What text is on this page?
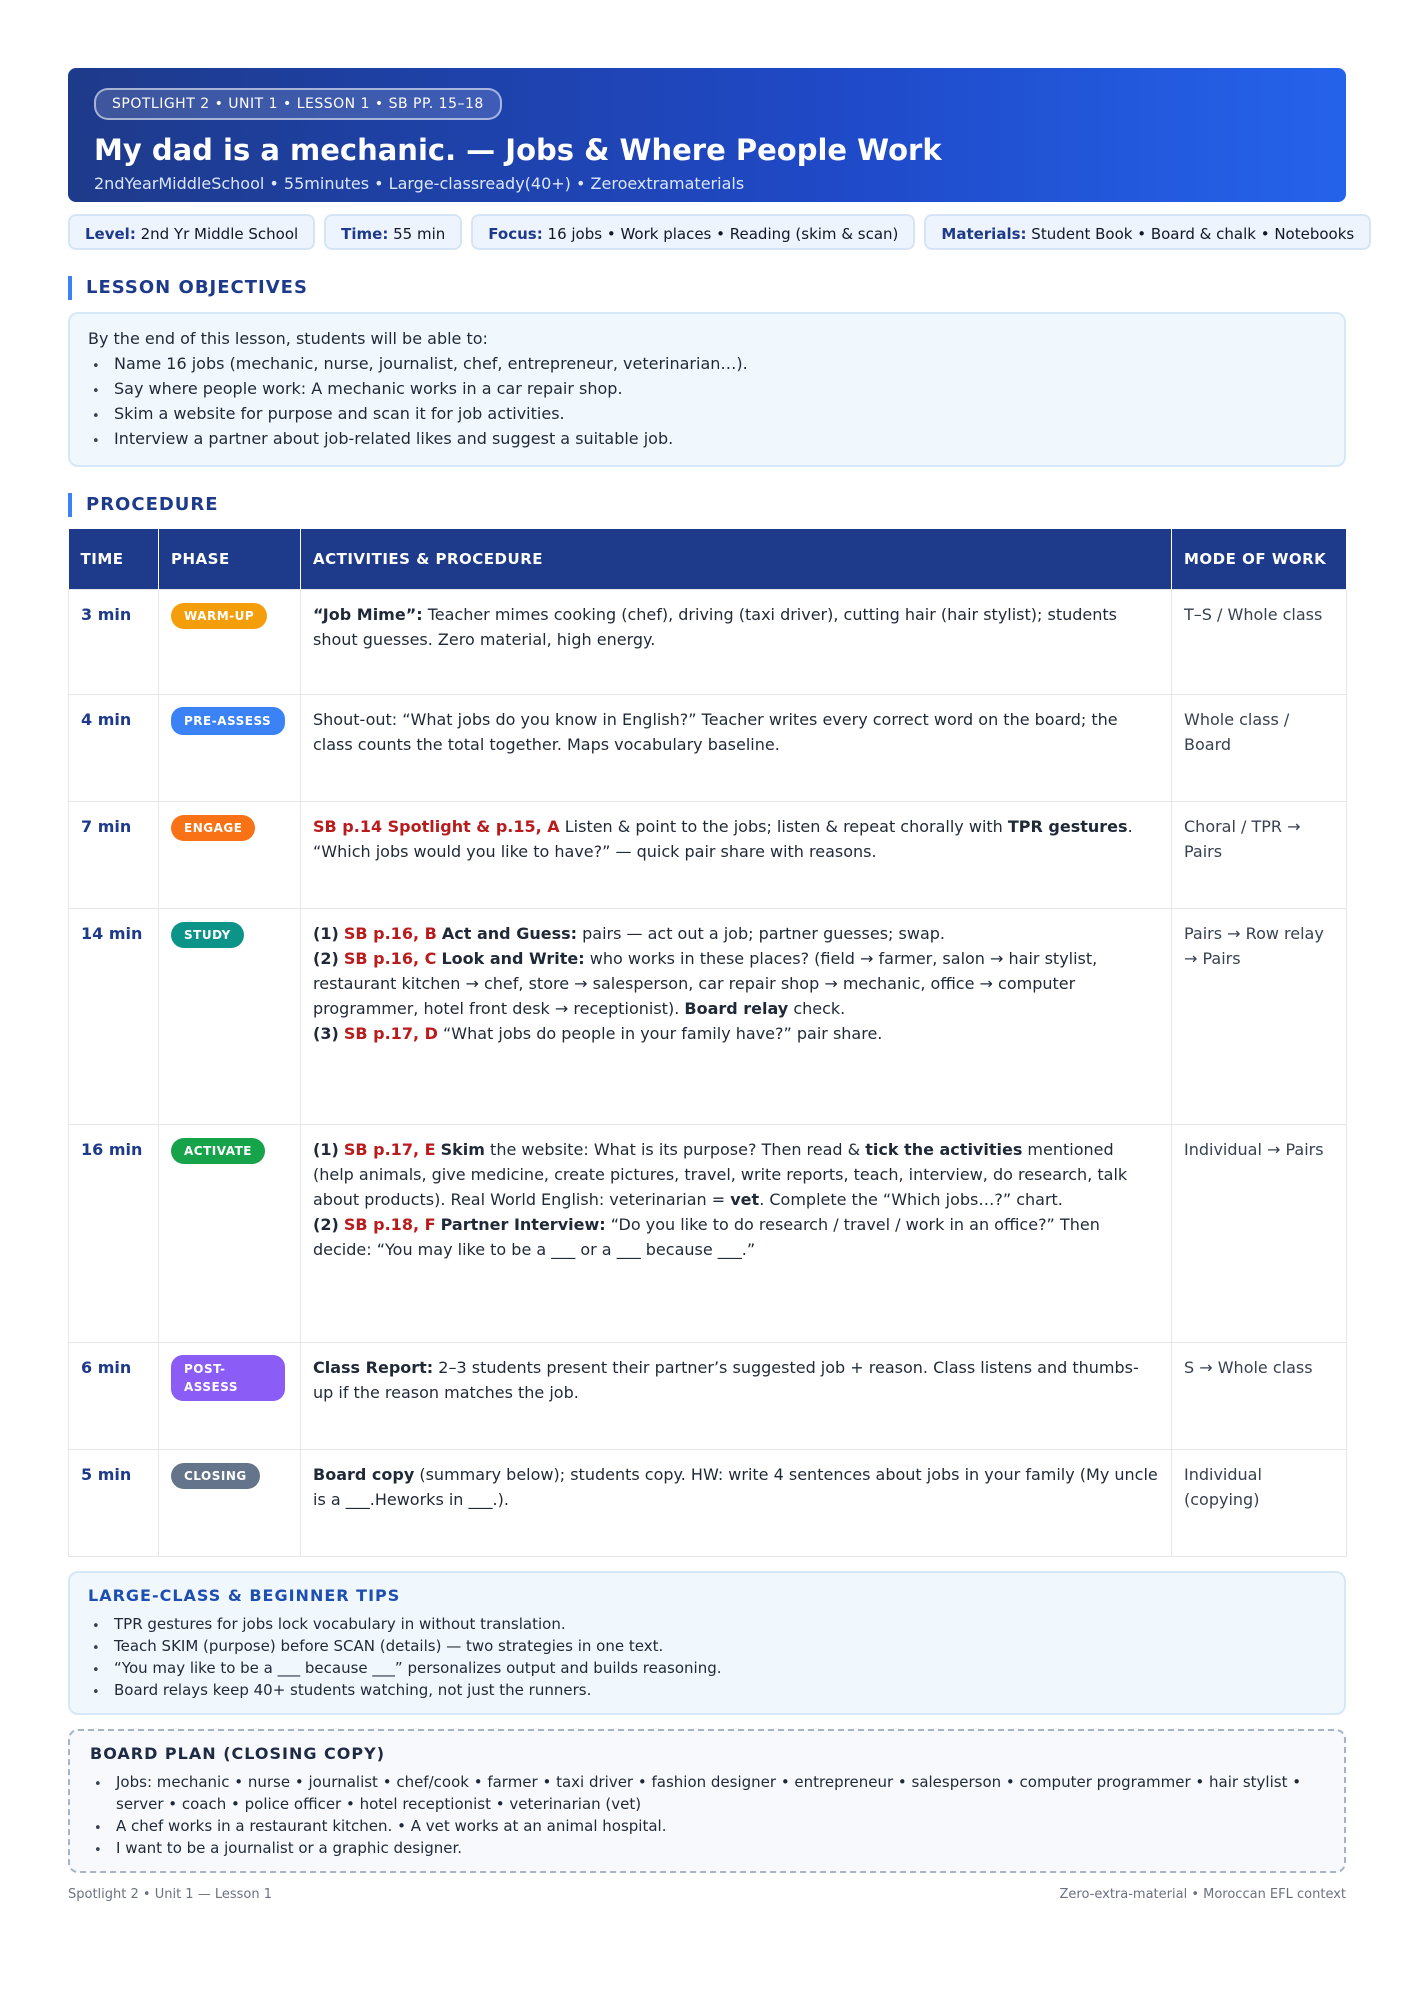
SPOTLIGHT 2 • UNIT 1 • LESSON 1 • SB PP. 15–18
My dad is a mechanic. — Jobs & Where People Work
2ndYearMiddleSchool • 55minutes • Large-classready(40+) • Zeroextramaterials
Level: 2nd Yr Middle School	Time: 55 min	Focus: 16 jobs • Work places • Reading (skim & scan)	Materials: Student Book • Board & chalk • Notebooks
LESSON OBJECTIVES
By the end of this lesson, students will be able to:
• Name 16 jobs (mechanic, nurse, journalist, chef, entrepreneur, veterinarian…).
• Say where people work: A mechanic works in a car repair shop.
• Skim a website for purpose and scan it for job activities.
• Interview a partner about job-related likes and suggest a suitable job.
PROCEDURE
TIME	PHASE	ACTIVITIES & PROCEDURE	MODE OF WORK
3 min	WARM-UP	“Job Mime”: Teacher mimes cooking (chef), driving (taxi driver), cutting hair (hair stylist); students shout guesses. Zero material, high energy.	T–S / Whole class
4 min	PRE-ASSESS	Shout-out: “What jobs do you know in English?” Teacher writes every correct word on the board; the class counts the total together. Maps vocabulary baseline.	Whole class / Board
7 min	ENGAGE	SB p.14 Spotlight & p.15, A Listen & point to the jobs; listen & repeat chorally with TPR gestures.
“Which jobs would you like to have?” — quick pair share with reasons.	Choral / TPR → Pairs
14 min	STUDY	(1) SB p.16, B Act and Guess: pairs — act out a job; partner guesses; swap.
(2) SB p.16, C Look and Write: who works in these places? (field → farmer, salon → hair stylist, restaurant kitchen → chef, store → salesperson, car repair shop → mechanic, office → computer programmer, hotel front desk → receptionist). Board relay check.
(3) SB p.17, D “What jobs do people in your family have?” pair share.	Pairs → Row relay → Pairs
16 min	ACTIVATE	(1) SB p.17, E Skim the website: What is its purpose? Then read & tick the activities mentioned (help animals, give medicine, create pictures, travel, write reports, teach, interview, do research, talk about products). Real World English: veterinarian = vet. Complete the “Which jobs…?” chart.
(2) SB p.18, F Partner Interview: “Do you like to do research / travel / work in an office?” Then decide: “You may like to be a ___ or a ___ because ___.”	Individual → Pairs
6 min	POST-ASSESS	Class Report: 2–3 students present their partner’s suggested job + reason. Class listens and thumbs-up if the reason matches the job.	S → Whole class
5 min	CLOSING	Board copy (summary below); students copy. HW: write 4 sentences about jobs in your family (My uncle is a ___.Heworks in ___.).	Individual (copying)
LARGE-CLASS & BEGINNER TIPS
• TPR gestures for jobs lock vocabulary in without translation.
• Teach SKIM (purpose) before SCAN (details) — two strategies in one text.
• “You may like to be a ___ because ___” personalizes output and builds reasoning.
• Board relays keep 40+ students watching, not just the runners.
BOARD PLAN (CLOSING COPY)
• Jobs: mechanic • nurse • journalist • chef/cook • farmer • taxi driver • fashion designer • entrepreneur • salesperson • computer programmer • hair stylist • server • coach • police officer • hotel receptionist • veterinarian (vet)
• A chef works in a restaurant kitchen. • A vet works at an animal hospital.
• I want to be a journalist or a graphic designer.
Spotlight 2 • Unit 1 — Lesson 1	Zero-extra-material • Moroccan EFL context
